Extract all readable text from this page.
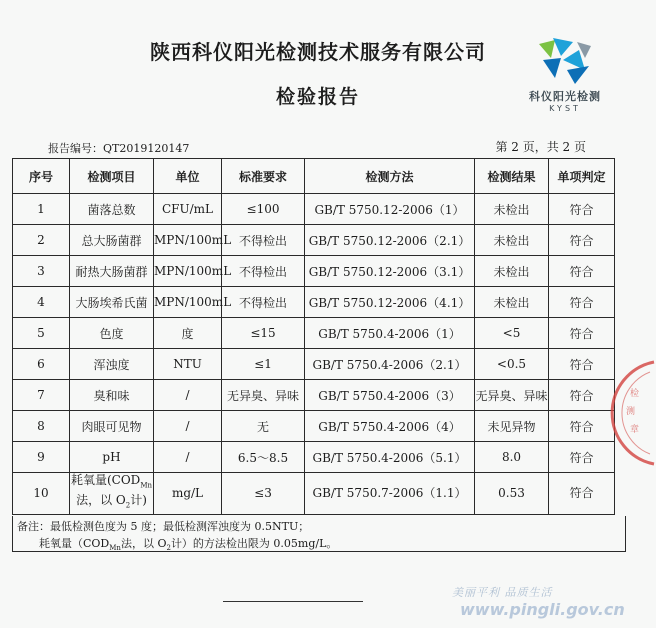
陕西科仪阳光检测技术服务有限公司
检验报告	科仪阳光检测
KYST
报告编号：QT2019120147	第 2 页，共 2 页
序号	检测项目	单位	标准要求	检测方法	检测结果	单项判定
1	菌落总数	CFU/mL	≤100	GB/T 5750.12-2006（1）	未检出	符合
2	总大肠菌群	MPN/100mL	不得检出	GB/T 5750.12-2006（2.1）	未检出	符合
3	耐热大肠菌群	MPN/100mL	不得检出	GB/T 5750.12-2006（3.1）	未检出	符合
4	大肠埃希氏菌	MPN/100mL	不得检出	GB/T 5750.12-2006（4.1）	未检出	符合
5	色度	度	≤15	GB/T 5750.4-2006（1）	<5	符合
6	浑浊度	NTU	≤1	GB/T 5750.4-2006（2.1）	<0.5	符合
7	臭和味	/	无异臭、异味	GB/T 5750.4-2006（3）	无异臭、异味	符合
8	肉眼可见物	/	无	GB/T 5750.4-2006（4）	未见异物	符合
9	pH	/	6.5～8.5	GB/T 5750.4-2006（5.1）	8.0	符合
10	耗氧量($COD_{Mn}$法，以 $O_2$计)	mg/L	≤3	GB/T 5750.7-2006（1.1）	0.53	符合
备注：最低检测色度为 5 度；最低检测浑浊度为 0.5NTU；
耗氧量（$COD_{Mn}$法，以 $O_2$计）的方法检出限为 0.05mg/L。
检
测
章
美丽平利 品质生活
www.pingli.gov.cn
